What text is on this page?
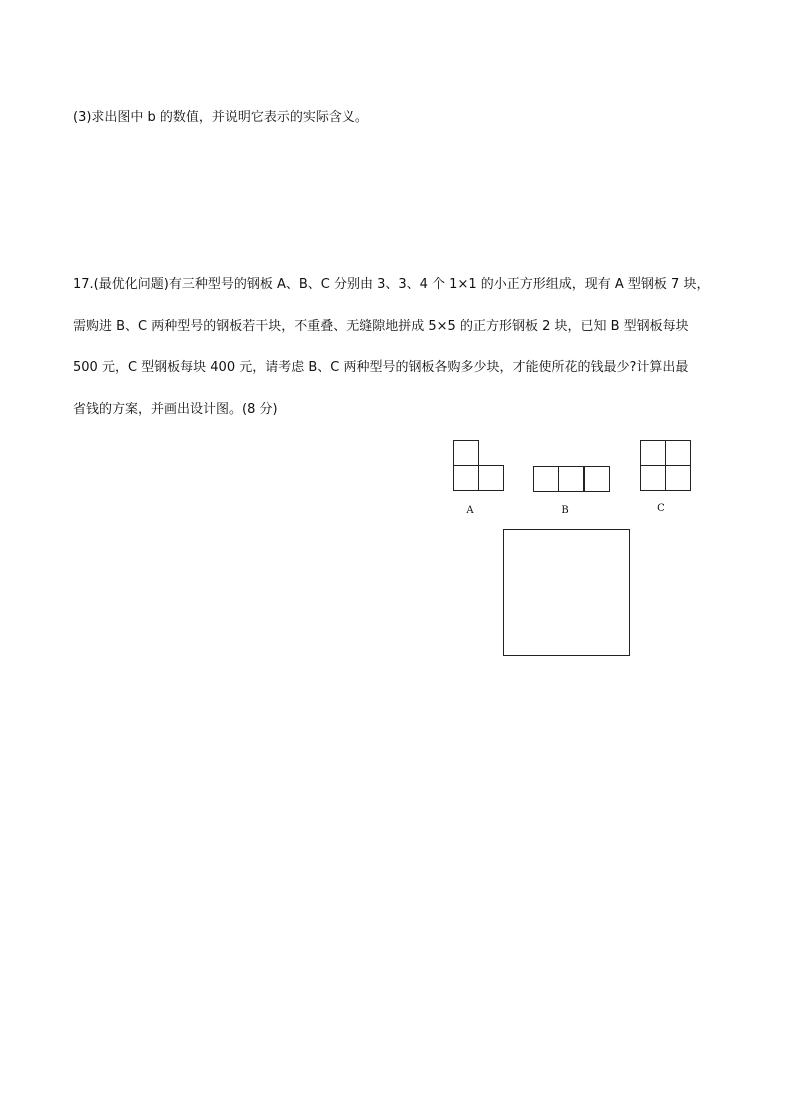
(3)求出图中 b 的数值，并说明它表示的实际含义。
17.(最优化问题)有三种型号的钢板 A、B、C 分别由 3、3、4 个 1×1 的小正方形组成，现有 A 型钢板 7 块，
需购进 B、C 两种型号的钢板若干块，不重叠、无缝隙地拼成 5×5 的正方形钢板 2 块，已知 B 型钢板每块
500 元，C 型钢板每块 400 元，请考虑 B、C 两种型号的钢板各购多少块，才能使所花的钱最少?计算出最
省钱的方案，并画出设计图。(8 分)
A	B	C
